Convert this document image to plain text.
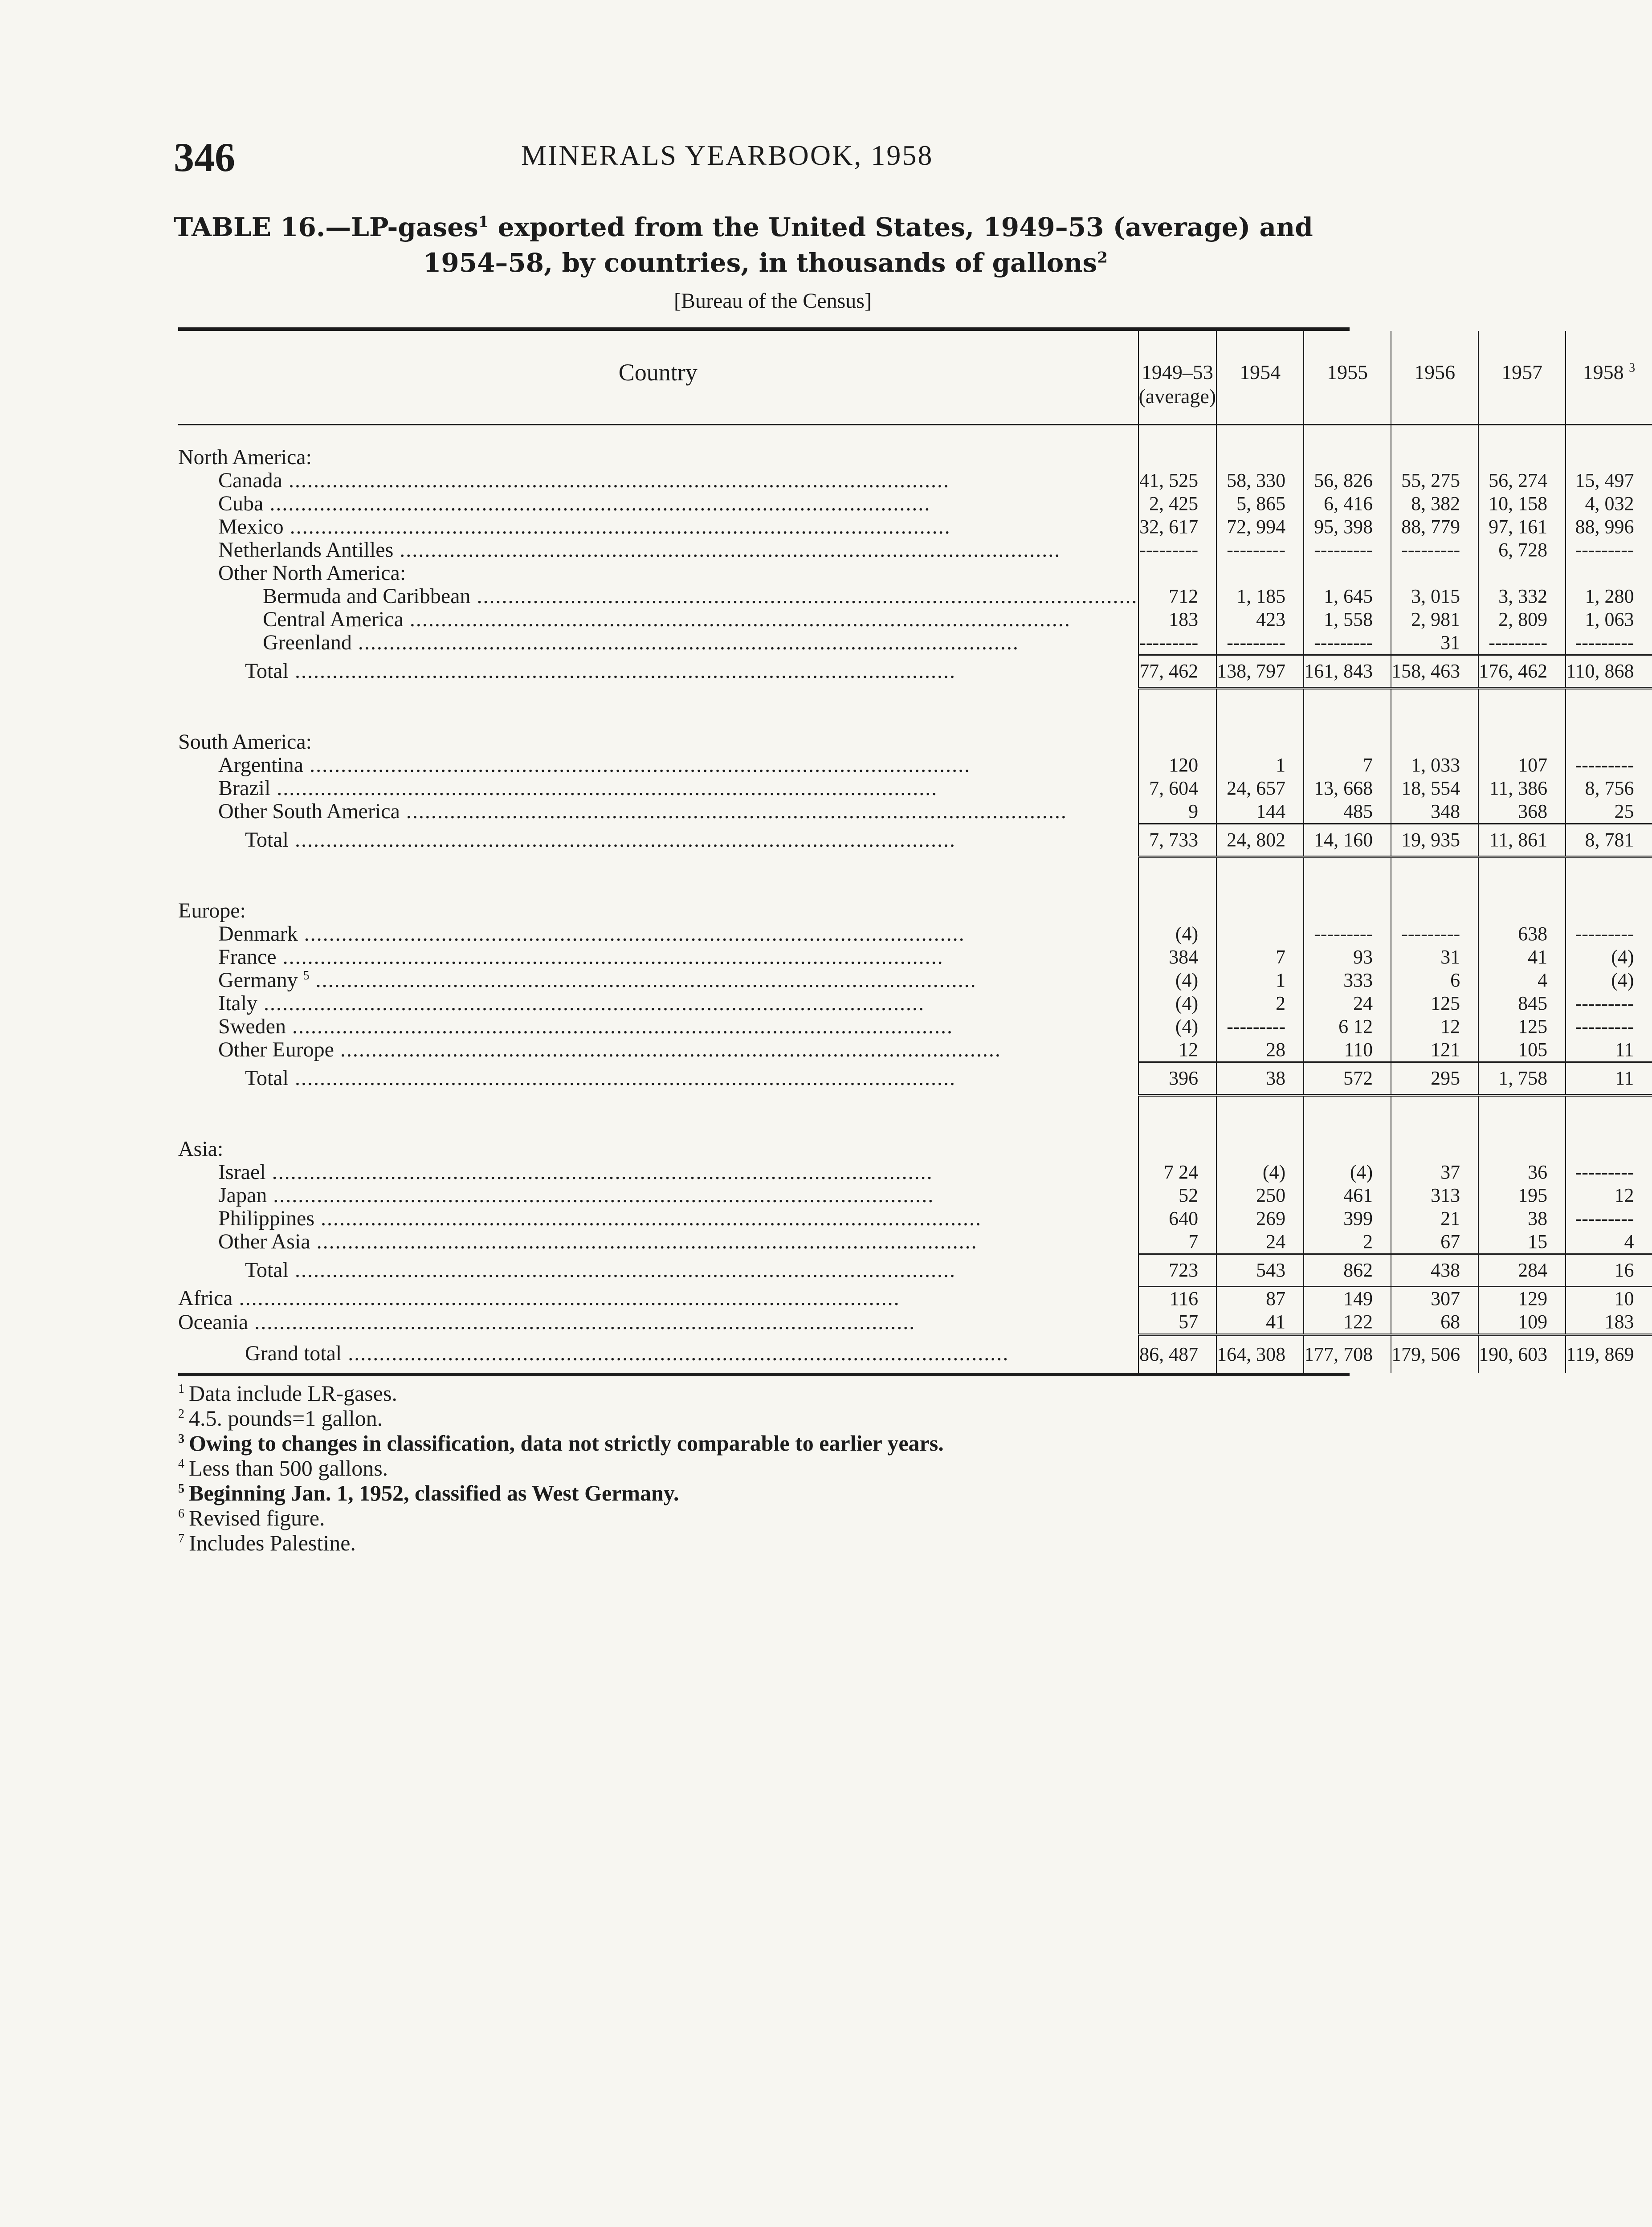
346	MINERALS YEARBOOK, 1958
TABLE 16.—LP-gases$^1$ exported from the United States, 1949–53 (average) and
1954–58, by countries, in thousands of gallons$^2$
[Bureau of the Census]
Country	1949–53 (average)	1954	1955	1956	1957	1958 $^3$

North America:						
Canada .....	41, 525	58, 330	56, 826	55, 275	56, 274	15, 497
Cuba .....	2, 425	5, 865	6, 416	8, 382	10, 158	4, 032
Mexico .....	32, 617	72, 994	95, 398	88, 779	97, 161	88, 996
Netherlands Antilles .....	---------	---------	---------	---------	6, 728	---------
Other North America:						
Bermuda and Caribbean .....	712	1, 185	1, 645	3, 015	3, 332	1, 280
Central America .....	183	423	1, 558	2, 981	2, 809	1, 063
Greenland .....	---------	---------	---------	31	---------	---------
Total .....	77, 462	138, 797	161, 843	158, 463	176, 462	110, 868

South America:						
Argentina .....	120	1	7	1, 033	107	---------
Brazil .....	7, 604	24, 657	13, 668	18, 554	11, 386	8, 756
Other South America .....	9	144	485	348	368	25
Total .....	7, 733	24, 802	14, 160	19, 935	11, 861	8, 781

Europe:						
Denmark .....	(4)		---------	---------	638	---------
France .....	384	7	93	31	41	(4)
Germany $^5$ .....	(4)	1	333	6	4	(4)
Italy .....	(4)	2	24	125	845	---------
Sweden .....	(4)	---------	6 12	12	125	---------
Other Europe .....	12	28	110	121	105	11
Total .....	396	38	572	295	1, 758	11

Asia:						
Israel .....	7 24	(4)	(4)	37	36	---------
Japan .....	52	250	461	313	195	12
Philippines .....	640	269	399	21	38	---------
Other Asia .....	7	24	2	67	15	4
Total .....	723	543	862	438	284	16
Africa .....	116	87	149	307	129	10
Oceania .....	57	41	122	68	109	183
Grand total .....	86, 487	164, 308	177, 708	179, 506	190, 603	119, 869
$^1$ Data include LR-gases.
$^2$ 4.5. pounds=1 gallon.
$^3$ Owing to changes in classification, data not strictly comparable to earlier years.
$^4$ Less than 500 gallons.
$^5$ Beginning Jan. 1, 1952, classified as West Germany.
$^6$ Revised figure.
$^7$ Includes Palestine.
